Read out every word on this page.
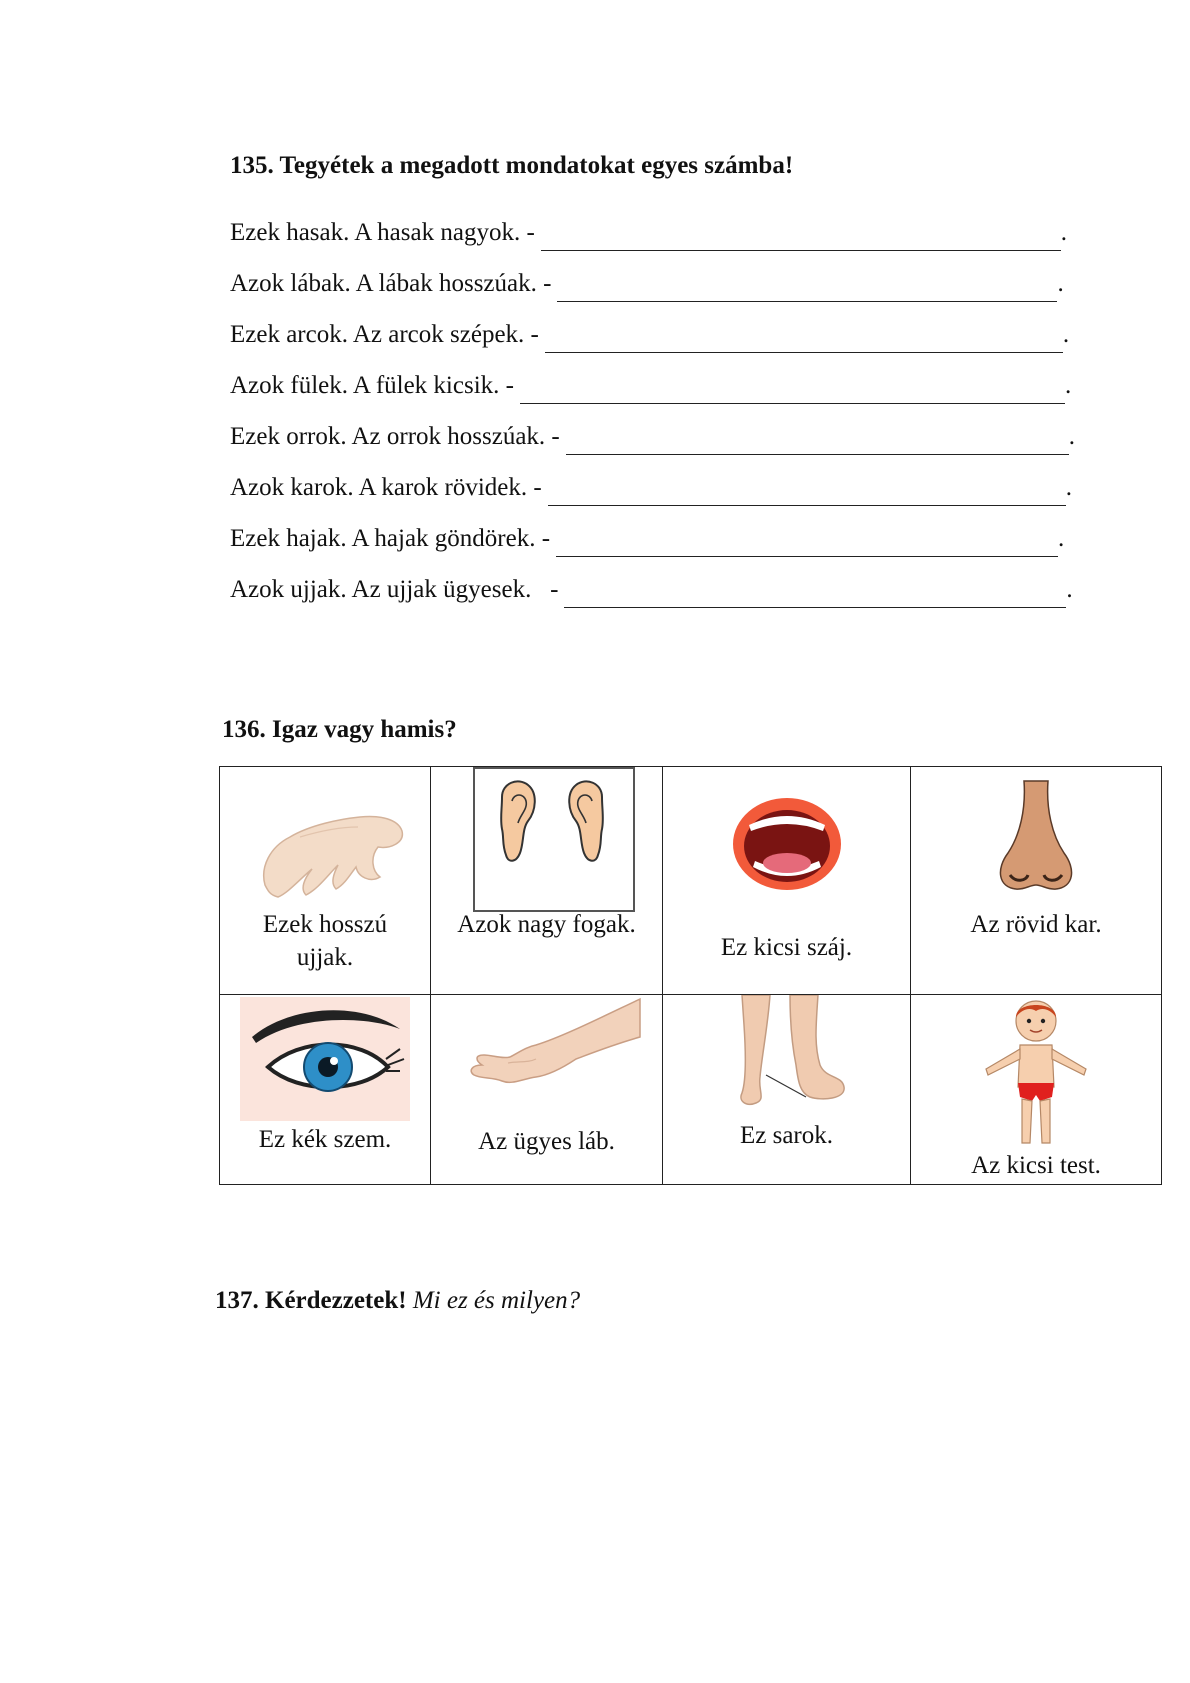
135. Tegyétek a megadott mondatokat egyes számba!
Ezek hasak. A hasak nagyok. -	.
Azok lábak. A lábak hosszúak. -	.
Ezek arcok. Az arcok szépek. -	.
Azok fülek. A fülek kicsik. -	.
Ezek orrok. Az orrok hosszúak. -	.
Azok karok. A karok rövidek. -	.
Ezek hajak. A hajak göndörek. -	.
Azok ujjak. Az ujjak ügyesek.   -	.
136. Igaz vagy hamis?
Ezek hosszú
ujjak.	Azok nagy fogak.	Ez kicsi száj.	Az rövid kar.

Ez kék szem.	Az ügyes láb.	Ez sarok.	Az kicsi test.
137. Kérdezzetek! Mi ez és milyen?
